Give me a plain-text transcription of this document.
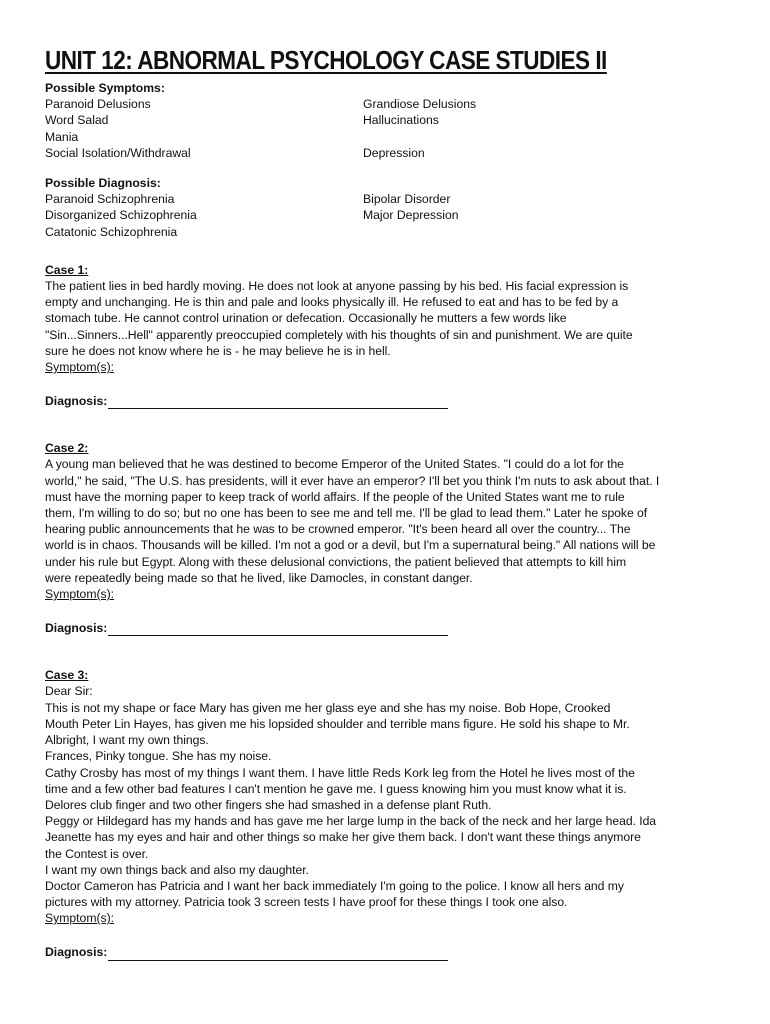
UNIT 12: ABNORMAL PSYCHOLOGY CASE STUDIES II
Possible Symptoms:
Paranoid Delusions
Word Salad
Mania
Social Isolation/Withdrawal
Grandiose Delusions
Hallucinations
Depression
Possible Diagnosis:
Paranoid Schizophrenia
Disorganized Schizophrenia
Catatonic Schizophrenia
Bipolar Disorder
Major Depression
Case 1:

The patient lies in bed hardly moving. He does not look at anyone passing by his bed. His facial expression is

empty and unchanging. He is thin and pale and looks physically ill. He refused to eat and has to be fed by a

stomach tube. He cannot control urination or defecation. Occasionally he mutters a few words like

"Sin...Sinners...Hell" apparently preoccupied completely with his thoughts of sin and punishment. We are quite

sure he does not know where he is - he may believe he is in hell.

Symptom(s):
Diagnosis:
Case 2:

A young man believed that he was destined to become Emperor of the United States. "I could do a lot for the

world," he said, "The U.S. has presidents, will it ever have an emperor? I'll bet you think I'm nuts to ask about that. I

must have the morning paper to keep track of world affairs. If the people of the United States want me to rule

them, I'm willing to do so; but no one has been to see me and tell me. I'll be glad to lead them." Later he spoke of

hearing public announcements that he was to be crowned emperor. "It's been heard all over the country... The

world is in chaos. Thousands will be killed. I'm not a god or a devil, but I'm a supernatural being." All nations will be

under his rule but Egypt. Along with these delusional convictions, the patient believed that attempts to kill him

were repeatedly being made so that he lived, like Damocles, in constant danger.

Symptom(s):
Diagnosis:
Case 3:

Dear Sir:

This is not my shape or face Mary has given me her glass eye and she has my noise. Bob Hope, Crooked

Mouth Peter Lin Hayes, has given me his lopsided shoulder and terrible mans figure. He sold his shape to Mr.

Albright, I want my own things.

Frances, Pinky tongue. She has my noise.

Cathy Crosby has most of my things I want them. I have little Reds Kork leg from the Hotel he lives most of the

time and a few other bad features I can't mention he gave me. I guess knowing him you must know what it is.

Delores club finger and two other fingers she had smashed in a defense plant Ruth.

Peggy or Hildegard has my hands and has gave me her large lump in the back of the neck and her large head. Ida

Jeanette has my eyes and hair and other things so make her give them back. I don't want these things anymore

the Contest is over.

I want my own things back and also my daughter.

Doctor Cameron has Patricia and I want her back immediately I'm going to the police. I know all hers and my

pictures with my attorney. Patricia took 3 screen tests I have proof for these things I took one also.

Symptom(s):
Diagnosis:
